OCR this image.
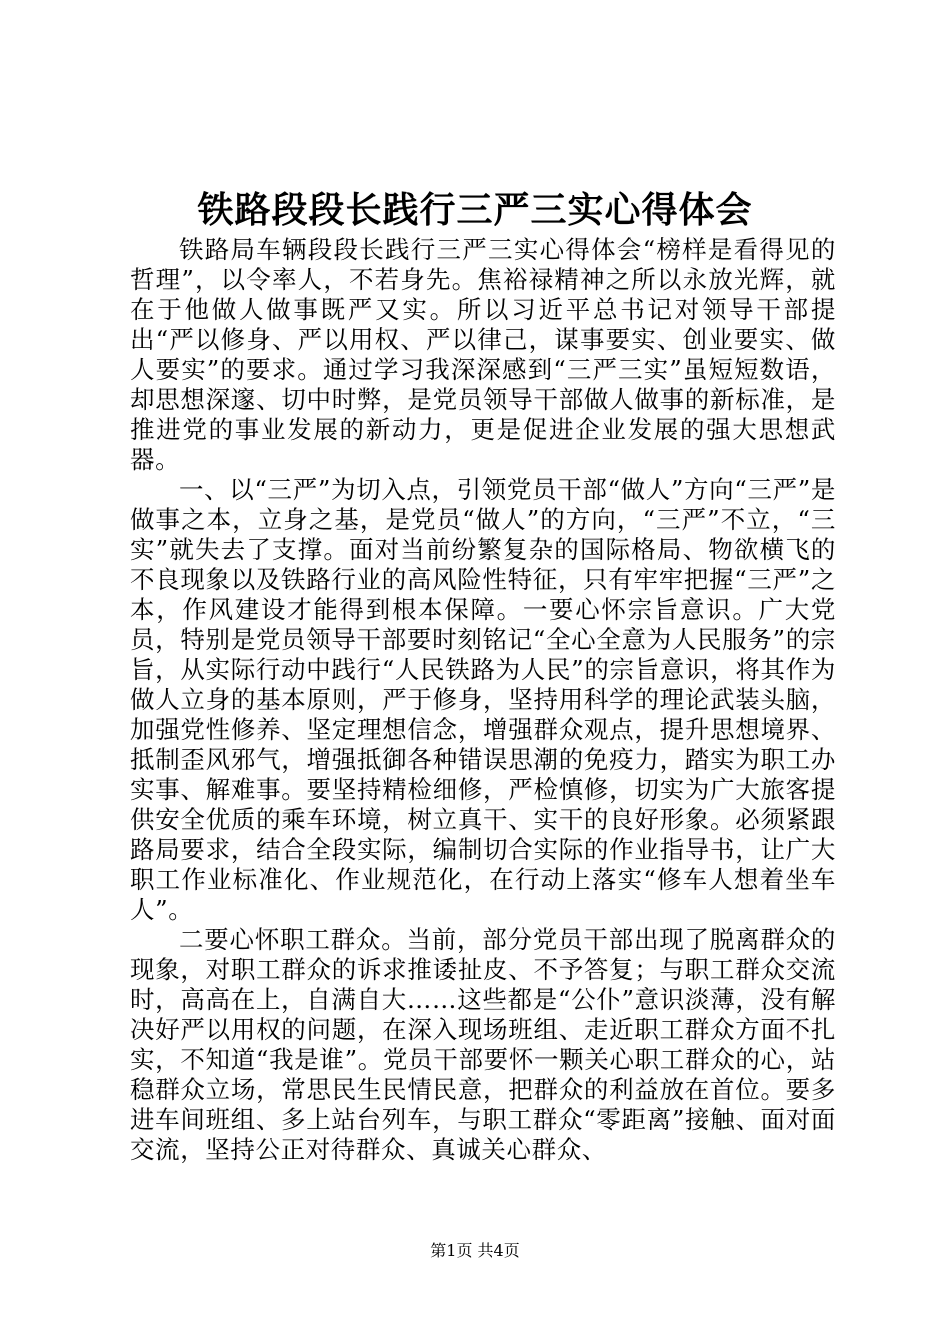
铁路段段长践行三严三实心得体会

铁路局车辆段段长践行三严三实心得体会“榜样是看得见的哲理”，以令率人，不若身先。焦裕禄精神之所以永放光辉，就在于他做人做事既严又实。所以习近平总书记对领导干部提出“严以修身、严以用权、严以律己，谋事要实、创业要实、做人要实”的要求。通过学习我深深感到“三严三实”虽短短数语，却思想深邃、切中时弊，是党员领导干部做人做事的新标准，是推进党的事业发展的新动力，更是促进企业发展的强大思想武器。

一、以“三严”为切入点，引领党员干部“做人”方向“三严”是做事之本，立身之基，是党员“做人”的方向，“三严”不立，“三实”就失去了支撑。面对当前纷繁复杂的国际格局、物欲横飞的不良现象以及铁路行业的高风险性特征，只有牢牢把握“三严”之本，作风建设才能得到根本保障。一要心怀宗旨意识。广大党员，特别是党员领导干部要时刻铭记“全心全意为人民服务”的宗旨，从实际行动中践行“人民铁路为人民”的宗旨意识，将其作为做人立身的基本原则，严于修身，坚持用科学的理论武装头脑，加强党性修养、坚定理想信念，增强群众观点，提升思想境界、抵制歪风邪气，增强抵御各种错误思潮的免疫力，踏实为职工办实事、解难事。要坚持精检细修，严检慎修，切实为广大旅客提供安全优质的乘车环境，树立真干、实干的良好形象。必须紧跟路局要求，结合全段实际，编制切合实际的作业指导书，让广大职工作业标准化、作业规范化，在行动上落实“修车人想着坐车人”。

二要心怀职工群众。当前，部分党员干部出现了脱离群众的现象，对职工群众的诉求推诿扯皮、不予答复；与职工群众交流时，高高在上，自满自大……这些都是“公仆”意识淡薄，没有解决好严以用权的问题，在深入现场班组、走近职工群众方面不扎实，不知道“我是谁”。党员干部要怀一颗关心职工群众的心，站稳群众立场，常思民生民情民意，把群众的利益放在首位。要多进车间班组、多上站台列车，与职工群众“零距离”接触、面对面交流，坚持公正对待群众、真诚关心群众、

第1页 共4页
